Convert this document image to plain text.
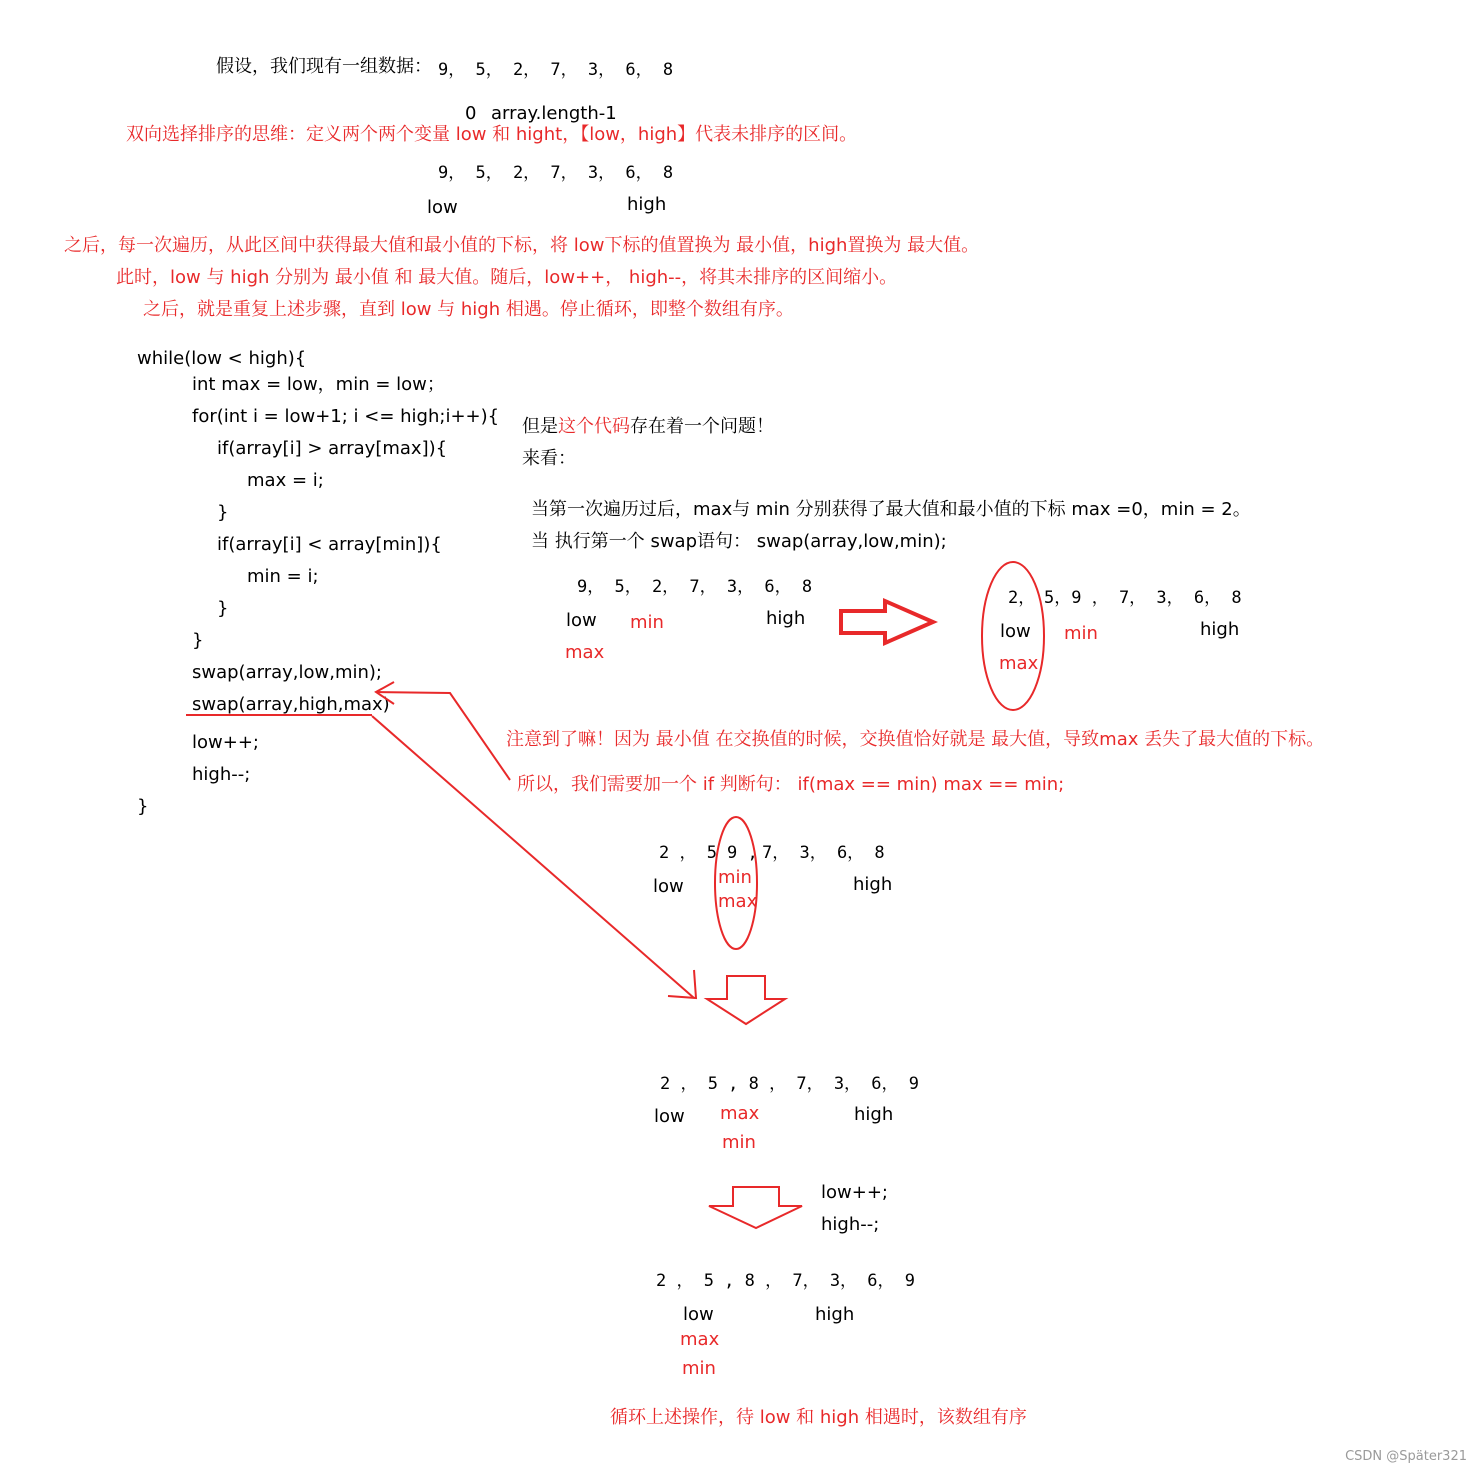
假设，我们现有一组数据： 9， 5， 2， 7， 3， 6， 8
0 array.length-1
双向选择排序的思维：定义两个两个变量 low 和 hight，【low，high】代表未排序的区间。
9， 5， 2， 7， 3， 6， 8
low	high
之后，每一次遍历，从此区间中获得最大值和最小值的下标，将 low下标的值置换为 最小值，high置换为 最大值。
此时，low 与 high 分别为 最小值 和 最大值。随后，low++， high--，将其未排序的区间缩小。
之后，就是重复上述步骤，直到 low 与 high 相遇。停止循环，即整个数组有序。
while(low < high){
int max = low，min = low；
for(int i = low+1; i <= high;i++){
if(array[i] > array[max]){
max = i;
}
if(array[i] < array[min]){
min = i;
}
}
swap(array,low,min);
swap(array,high,max)
low++;
high--;
}
但是这个代码存在着一个问题！
来看：
当第一次遍历过后，max与 min 分别获得了最大值和最小值的下标 max =0，min = 2。
当 执行第一个 swap语句： swap(array,low,min);
9， 5， 2， 7， 3， 6， 8
low min	high
max
2， 5，9 ， 7， 3， 6， 8
low min	high
max
注意到了嘛！因为 最小值 在交换值的时候，交换值恰好就是 最大值，导致max 丢失了最大值的下标。
所以，我们需要加一个 if 判断句： if(max == min) max == min;
2 ， 5 9 , 7， 3， 6， 8
low min
max
high
2 ， 5 , 8 ， 7， 3， 6， 9
low max
min
high
low++;
high--;
2 ， 5 , 8 ， 7， 3， 6， 9
low	high
max
min
循环上述操作，待 low 和 high 相遇时，该数组有序
CSDN @Später321
